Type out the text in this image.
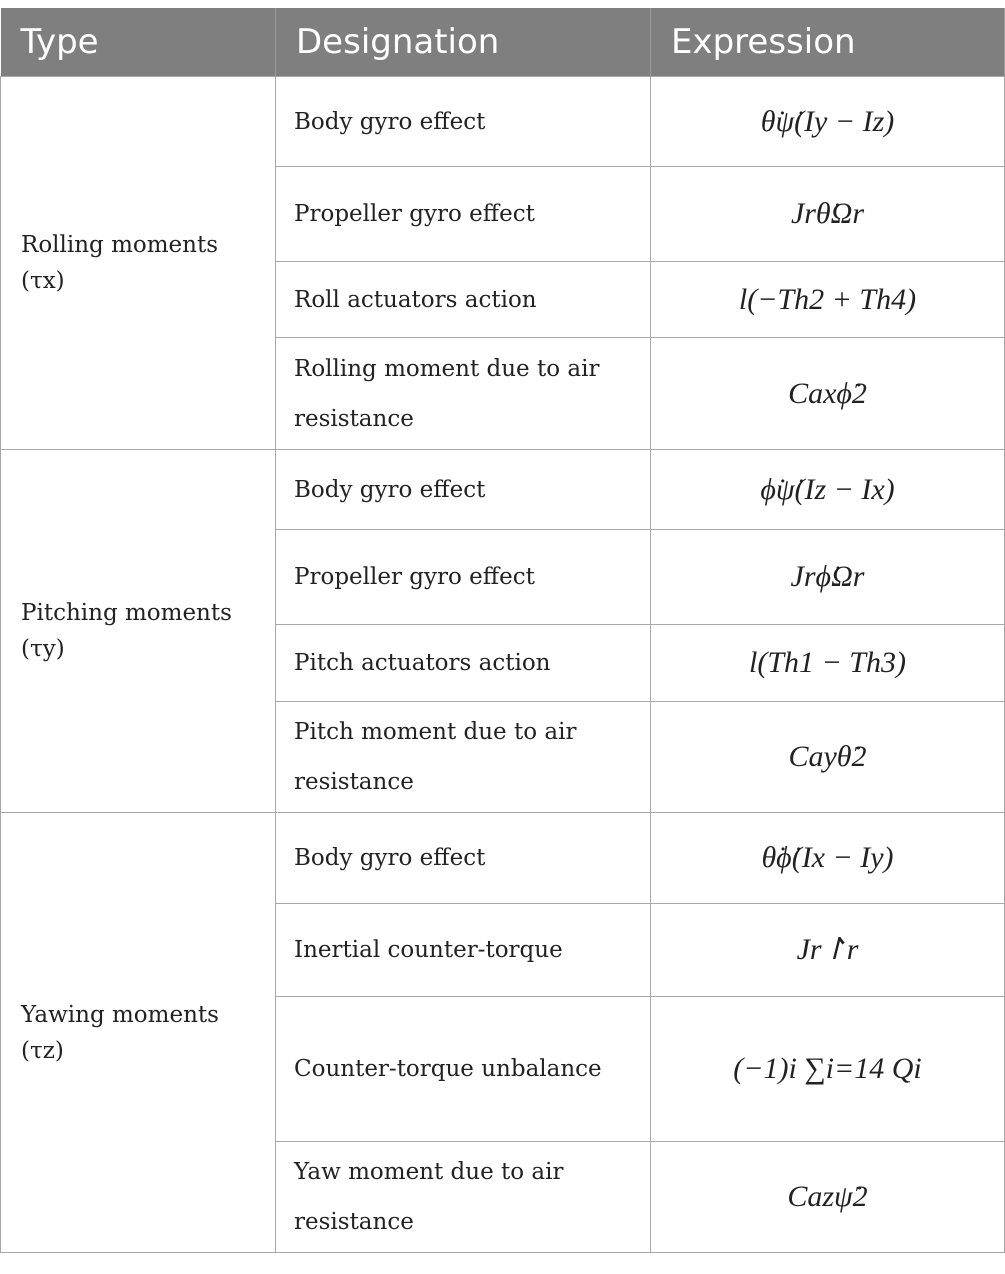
Type	Designation	Expression

Rolling moments
(τx)	Body gyro effect	θ̇ψ̇(Iy − Iz)
	Propeller gyro effect	Jrθ̇Ωr
	Roll actuators action	l(−Th2 + Th4)
	Rolling moment due to air resistance	Caxϕ̇2

Pitching moments
(τy)	Body gyro effect	ϕ̇ψ̇(Iz − Ix)
	Propeller gyro effect	Jrϕ̇Ωr
	Pitch actuators action	l(Th1 − Th3)
	Pitch moment due to air resistance	Cayθ̇2

Yawing moments
(τz)	Body gyro effect	θ̇ϕ̇(Ix − Iy)
	Inertial counter-torque	Jr↾r
	Counter-torque unbalance	(−1)i ∑i=14 Qi
	Yaw moment due to air resistance	Cazψ̇2
